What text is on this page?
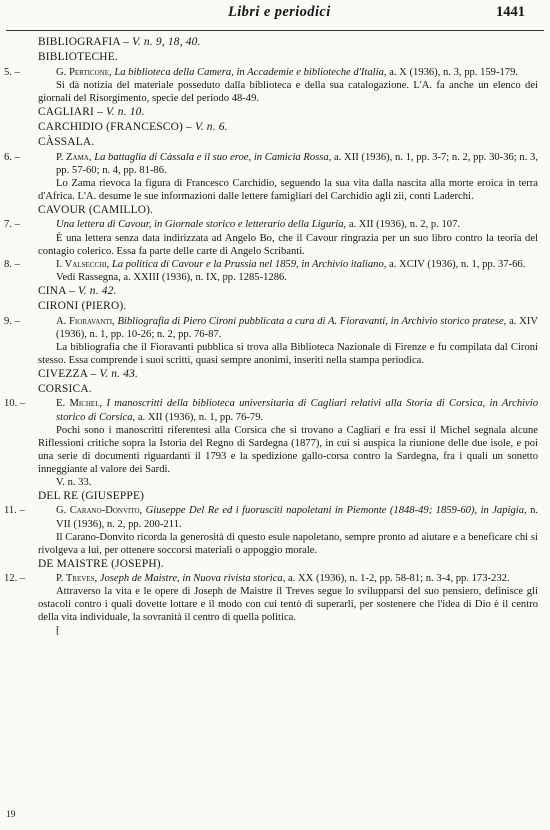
Libri e periodici	1441
BIBLIOGRAFIA – V. n. 9, 18, 40.
BIBLIOTECHE.
5. –	G. Perticone, La biblioteca della Camera, in Accademie e biblioteche d'Italia, a. X (1936), n. 3, pp. 159-179.
Si dà notizia del materiale posseduto dalla biblioteca e della sua catalogazione. L'A. fa anche un elenco dei giornali del Risorgimento, specie del periodo 48-49.
CAGLIARI – V. n. 10.
CARCHIDIO (FRANCESCO) – V. n. 6.
CÀSSALA.
6. –	P. Zama, La battaglia di Càssala e il suo eroe, in Camicia Rossa, a. XII (1936), n. 1, pp. 3-7; n. 2, pp. 30-36; n. 3, pp. 57-60; n. 4, pp. 81-86.
Lo Zama rievoca la figura di Francesco Carchidio, seguendo la sua vita dalla nascita alla morte eroica in terra d'Africa. L'A. desume le sue informazioni dalle lettere famigliari del Carchidio agli zii, conti Laderchi.
CAVOUR (CAMILLO).
7. –	Una lettera di Cavour, in Giornale storico e letterario della Liguria, a. XII (1936), n. 2, p. 107.
È una lettera senza data indirizzata ad Angelo Bo, che il Cavour ringrazia per un suo libro contro la teoria del contagio colerico. Essa fa parte delle carte di Angelo Scribanti.
8. –	I. Valsecchi, La politica di Cavour e la Prussia nel 1859, in Archivio italiano, a. XCIV (1936), n. 1, pp. 37-66.
Vedi Rassegna, a. XXIII (1936), n. IX, pp. 1285-1286.
CINA – V. n. 42.
CIRONI (PIERO).
9. –	A. Fioravanti, Bibliografia di Piero Cironi pubblicata a cura di A. Fioravanti, in Archivio storico pratese, a. XIV (1936), n. 1, pp. 10-26; n. 2, pp. 76-87.
La bibliografia che il Fioravanti pubblica si trova alla Biblioteca Nazionale di Firenze e fu compilata dal Cironi stesso. Essa comprende i suoi scritti, quasi sempre anonimi, inseriti nella stampa periodica.
CIVEZZA – V. n. 43.
CORSICA.
10. –	E. Michel, I manoscritti della biblioteca universitaria di Cagliari relativi alla Storia di Corsica, in Archivio storico di Corsica, a. XII (1936), n. 1, pp. 76-79.
Pochi sono i manoscritti riferentesi alla Corsica che si trovano a Cagliari e fra essi il Michel segnala alcune Riflessioni critiche sopra la Istoria del Regno di Sardegna (1877), in cui si auspica la riunione delle due isole, e poi una serie di documenti riguardanti il 1793 e la spedizione gallo-corsa contro la Sardegna, fra i quali un sonetto inneggiante al valore dei Sardi.
V. n. 33.
DEL RE (GIUSEPPE)
11. –	G. Carano-Donvito, Giuseppe Del Re ed i fuorusciti napoletani in Piemonte (1848-49; 1859-60), in Japigia, n. VII (1936), n. 2, pp. 200-211.
Il Carano-Donvito ricorda la generosità di questo esule napoletano, sempre pronto ad aiutare e a beneficare chi si rivolgeva a lui, per ottenere soccorsi materiali o appoggio morale.
DE MAISTRE (JOSEPH).
12. –	P. Treves, Joseph de Maistre, in Nuova rivista storica, a. XX (1936), n. 1-2, pp. 58-81; n. 3-4, pp. 173-232.
Attraverso la vita e le opere di Joseph de Maistre il Treves segue lo svilupparsi del suo pensiero, definisce gli ostacoli contro i quali dovette lottare e il modo con cui tentò di superarli, per sostenere che l'idea di Dio è il centro della vita individuale, la sovranità il centro di quella politica.
[
19
